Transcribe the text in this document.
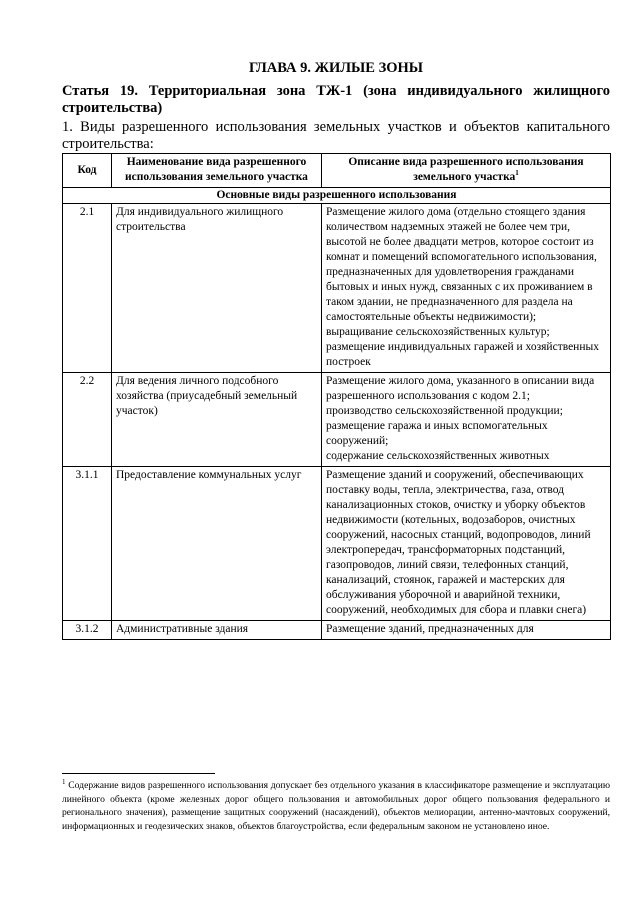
ГЛАВА 9. ЖИЛЫЕ ЗОНЫ
Статья 19. Территориальная зона ТЖ-1 (зона индивидуального жилищного строительства)
1. Виды разрешенного использования земельных участков и объектов капитального строительства:
Код	Наименование вида разрешенного использования земельного участка	Описание вида разрешенного использования земельного участка$^1$
Основные виды разрешенного использования		
2.1	Для индивидуального жилищного строительства	Размещение жилого дома (отдельно стоящего здания количеством надземных этажей не более чем три, высотой не более двадцати метров, которое состоит из комнат и помещений вспомогательного использования, предназначенных для удовлетворения гражданами бытовых и иных нужд, связанных с их проживанием в таком здании, не предназначенного для раздела на самостоятельные объекты недвижимости);
выращивание сельскохозяйственных культур;
размещение индивидуальных гаражей и хозяйственных построек

2.2	Для ведения личного подсобного хозяйства (приусадебный земельный участок)	Размещение жилого дома, указанного в описании вида разрешенного использования с кодом 2.1;
производство сельскохозяйственной продукции;
размещение гаража и иных вспомогательных сооружений;
содержание сельскохозяйственных животных

3.1.1	Предоставление коммунальных услуг	Размещение зданий и сооружений, обеспечивающих поставку воды, тепла, электричества, газа, отвод канализационных стоков, очистку и уборку объектов недвижимости (котельных, водозаборов, очистных сооружений, насосных станций, водопроводов, линий электропередач, трансформаторных подстанций, газопроводов, линий связи, телефонных станций, канализаций, стоянок, гаражей и мастерских для обслуживания уборочной и аварийной техники, сооружений, необходимых для сбора и плавки снега)

3.1.2	Административные здания	Размещение зданий, предназначенных для
$^1$ Содержание видов разрешенного использования допускает без отдельного указания в классификаторе размещение и эксплуатацию линейного объекта (кроме железных дорог общего пользования и автомобильных дорог общего пользования федерального и регионального значения), размещение защитных сооружений (насаждений), объектов мелиорации, антенно-мачтовых сооружений, информационных и геодезических знаков, объектов благоустройства, если федеральным законом не установлено иное.
